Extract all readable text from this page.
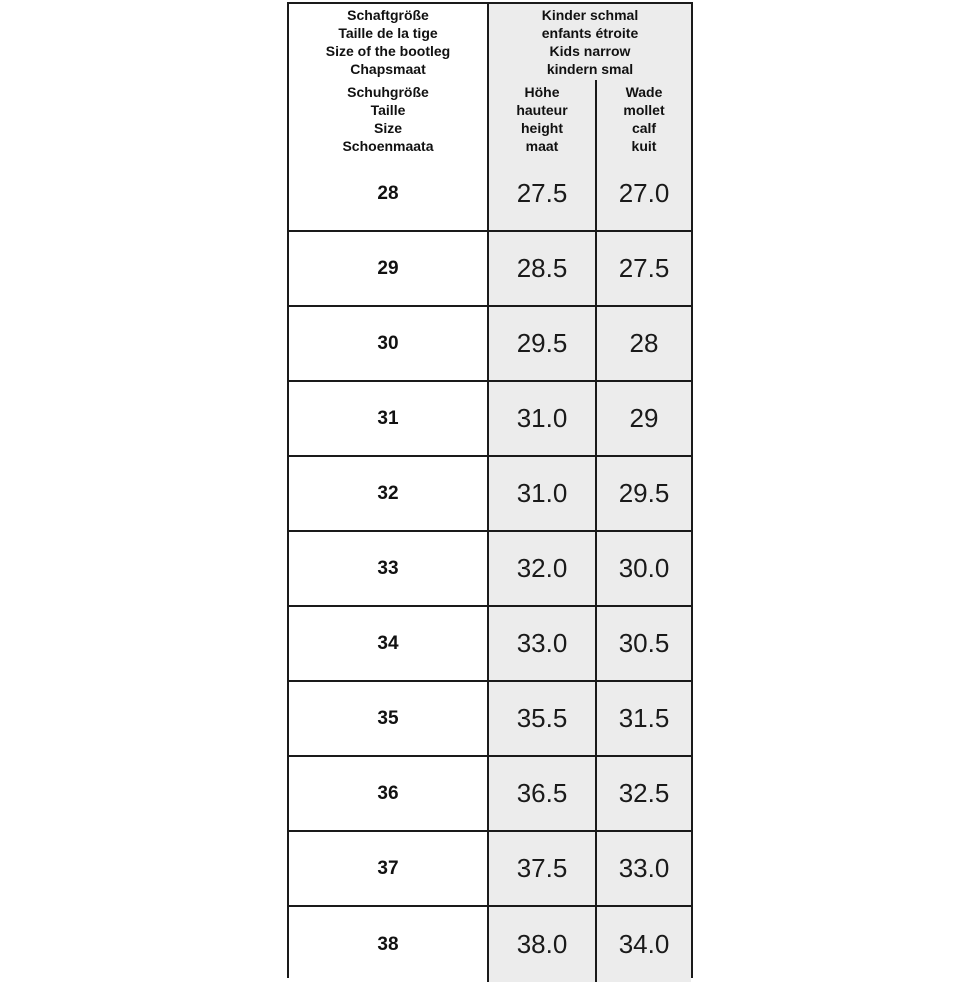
Schaftgröße
Taille de la tige
Size of the bootleg
Chapsmaat
Kinder schmal
enfants étroite
Kids narrow
kindern smal
Schuhgröße
Taille
Size
Schoenmaata
Höhe
hauteur
height
maat
Wade
mollet
calf
kuit
28	27.5 27.0
29	28.5 27.5
30	29.5 28
31	31.0 29
32	31.0 29.5
33	32.0 30.0
34	33.0 30.5
35	35.5 31.5
36	36.5 32.5
37	37.5 33.0
38	38.0 34.0
